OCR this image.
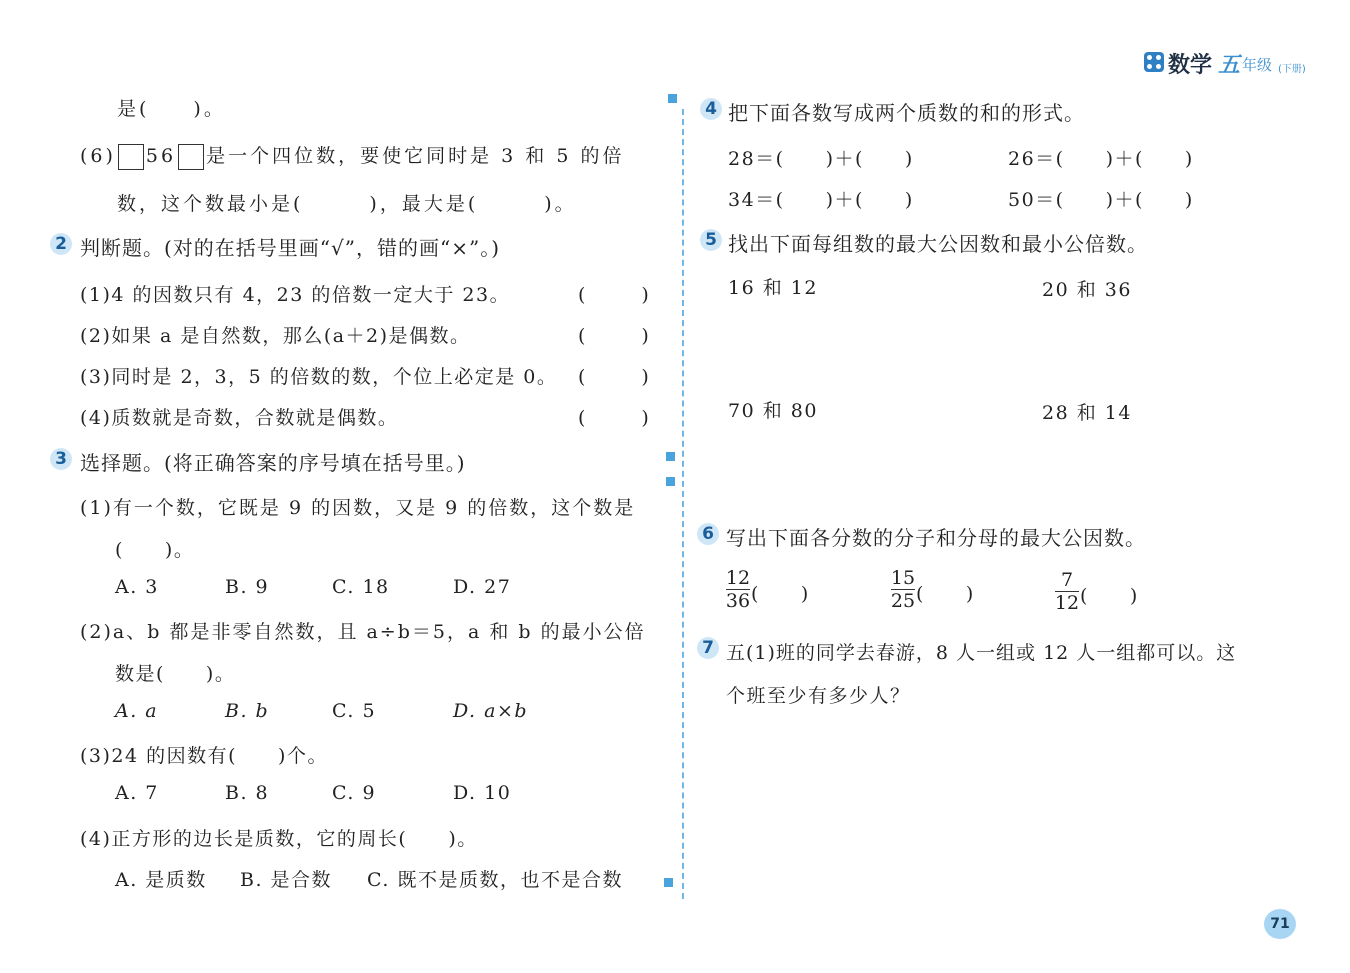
数学 五 年级 (下册)
是(　　)。
(6) 56 是一个四位数，要使它同时是 3 和 5 的倍
数，这个数最小是(　　　)，最大是(　　　)。
2 判断题。(对的在括号里画“√”，错的画“×”。)
(1)4 的因数只有 4，23 的倍数一定大于 23。	(　　)
(2)如果 a 是自然数，那么(a＋2)是偶数。	(　　)
(3)同时是 2，3，5 的倍数的数，个位上必定是 0。 (　　)
(4)质数就是奇数，合数就是偶数。	(　　)
3 选择题。(将正确答案的序号填在括号里。)
(1)有一个数，它既是 9 的因数，又是 9 的倍数，这个数是
(　　)。
A. 3	B. 9	C. 18	D. 27
(2)a、b 都是非零自然数，且 a÷b＝5，a 和 b 的最小公倍
数是(　　)。
A. a	B. b	C. 5	D. a×b
(3)24 的因数有(　　)个。
A. 7	B. 8	C. 9	D. 10
(4)正方形的边长是质数，它的周长(　　)。
A. 是质数 B. 是合数 C. 既不是质数，也不是合数
4 把下面各数写成两个质数的和的形式。
28＝(　　)＋(　　)	26＝(　　)＋(　　)
34＝(　　)＋(　　)	50＝(　　)＋(　　)
5 找出下面每组数的最大公因数和最小公倍数。
16 和 12	20 和 36
70 和 80	28 和 14
6 写出下面各分数的分子和分母的最大公因数。
12
36 (　　)
15
25 (　　)
7
12 (　　)
7 五(1)班的同学去春游，8 人一组或 12 人一组都可以。这
个班至少有多少人？
71
